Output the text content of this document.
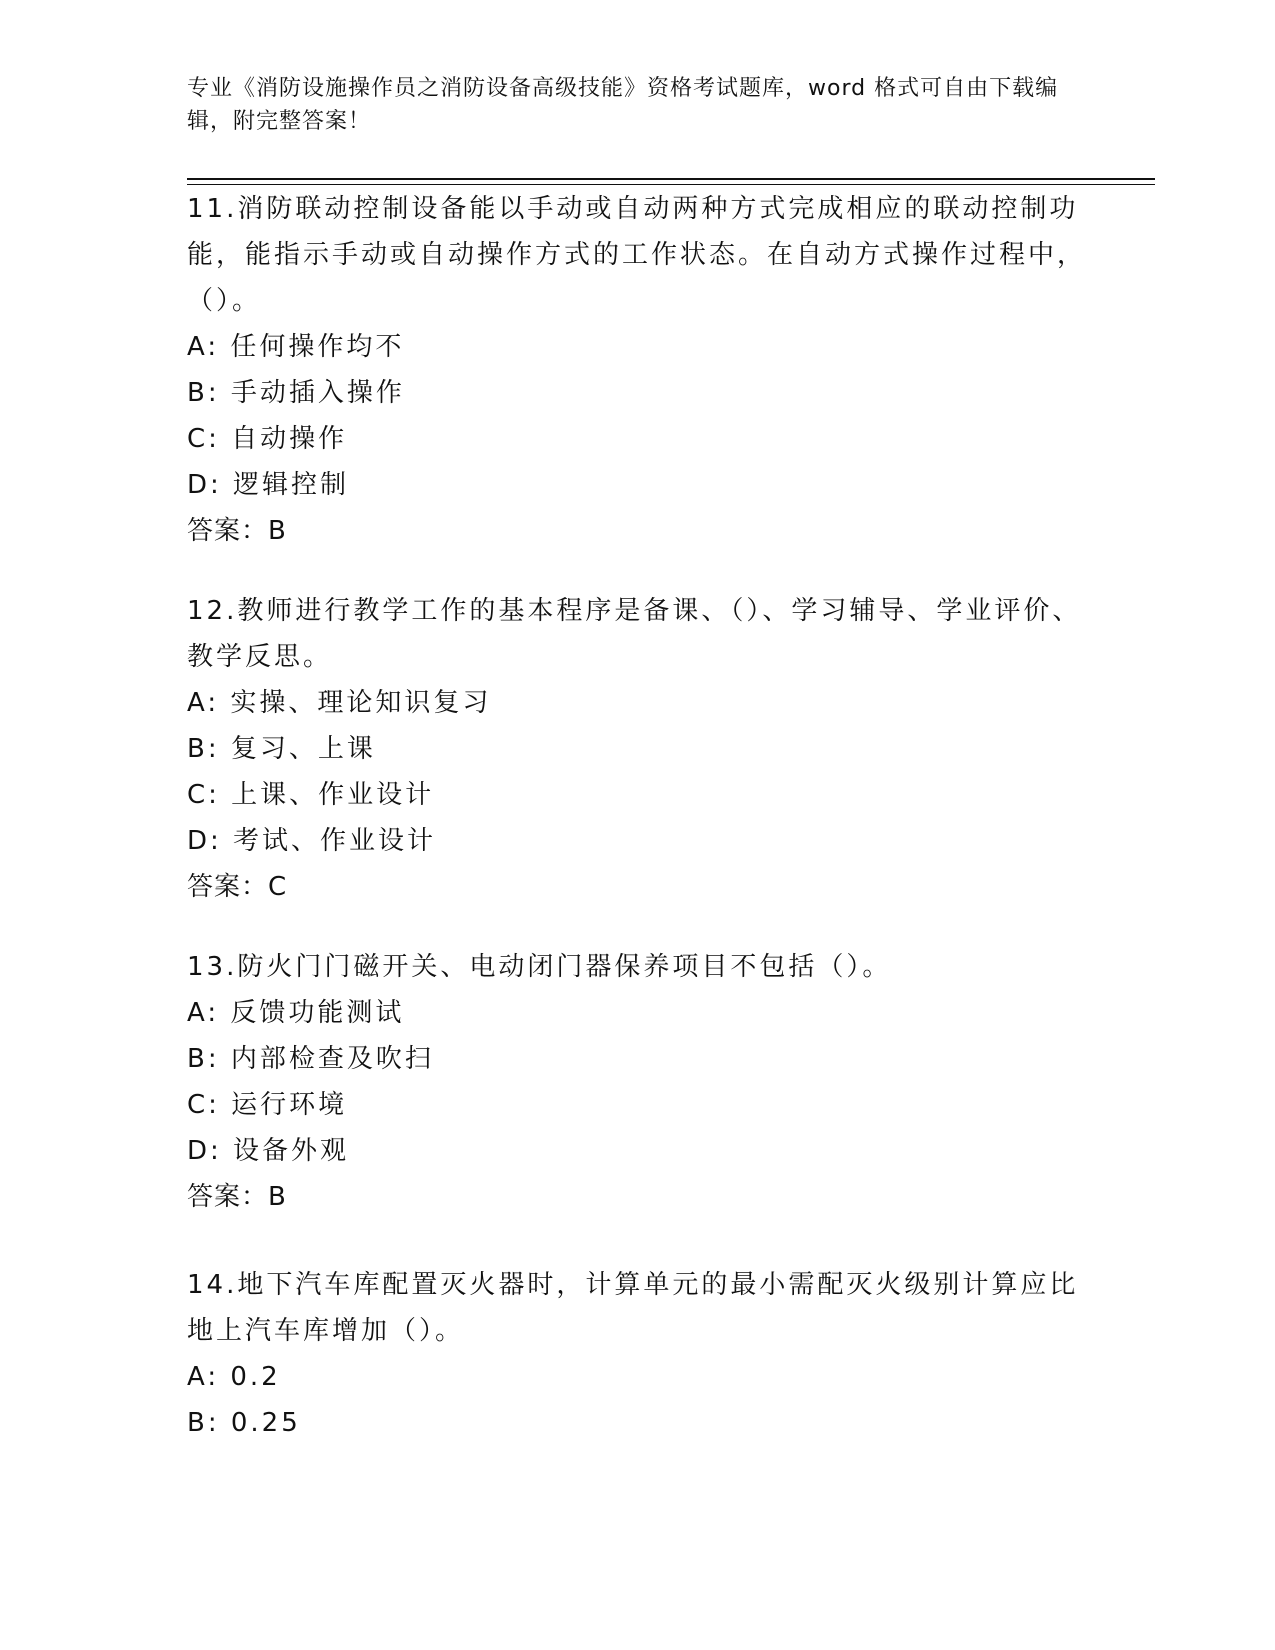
专业《消防设施操作员之消防设备高级技能》资格考试题库，word 格式可自由下载编辑，附完整答案！

11.消防联动控制设备能以手动或自动两种方式完成相应的联动控制功能，能指示手动或自动操作方式的工作状态。在自动方式操作过程中，（）。

A: 任何操作均不

B: 手动插入操作

C: 自动操作

D: 逻辑控制

答案：B

12.教师进行教学工作的基本程序是备课、（）、学习辅导、学业评价、教学反思。

A: 实操、理论知识复习

B: 复习、上课

C: 上课、作业设计

D: 考试、作业设计

答案：C

13.防火门门磁开关、电动闭门器保养项目不包括（）。

A: 反馈功能测试

B: 内部检查及吹扫

C: 运行环境

D: 设备外观

答案：B

14.地下汽车库配置灭火器时，计算单元的最小需配灭火级别计算应比地上汽车库增加（）。

A: 0.2

B: 0.25
